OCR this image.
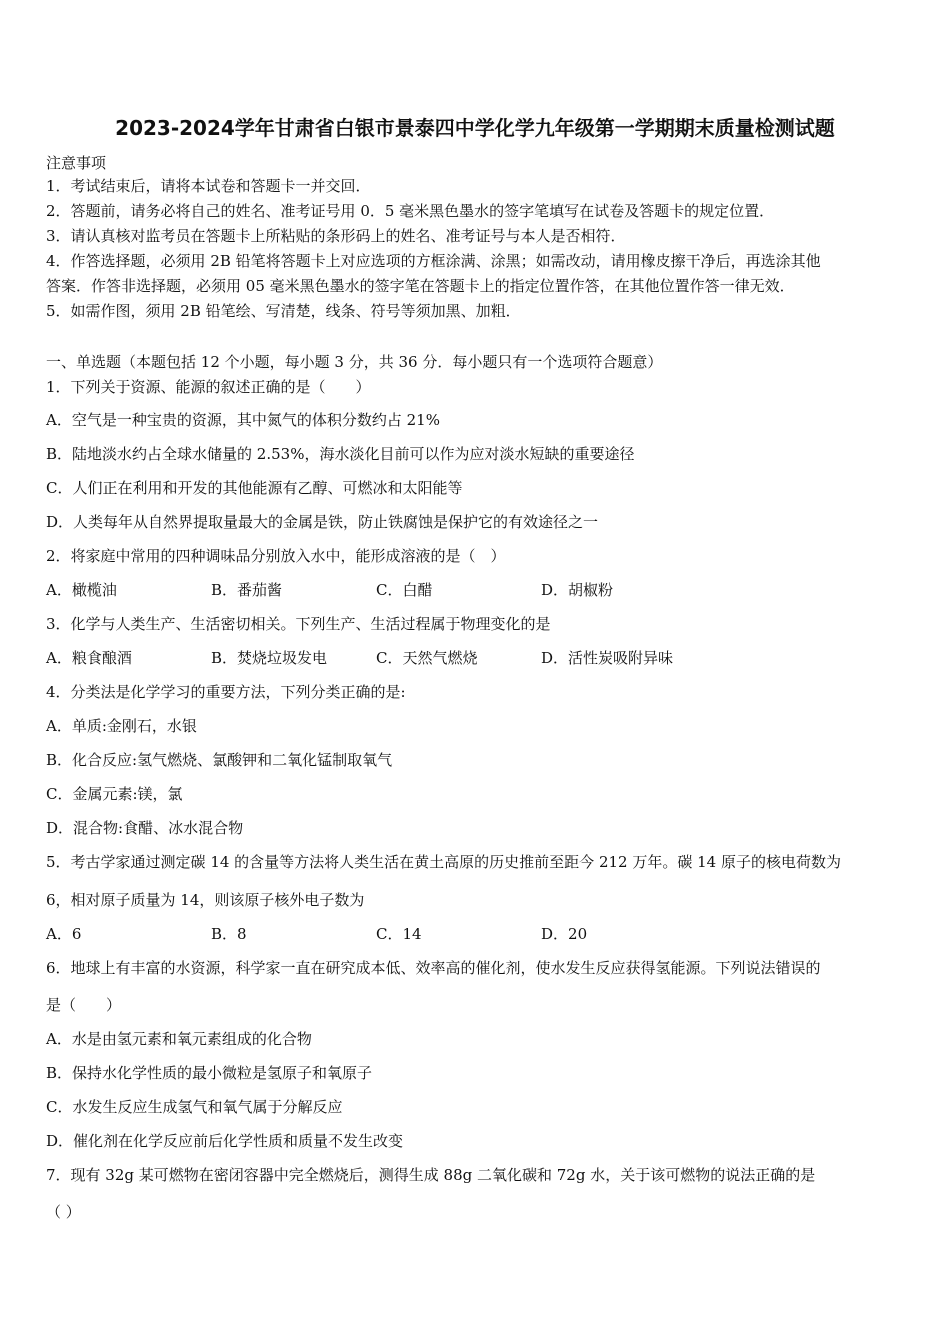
2023-2024学年甘肃省白银市景泰四中学化学九年级第一学期期末质量检测试题
注意事项
1．考试结束后，请将本试卷和答题卡一并交回．
2．答题前，请务必将自己的姓名、准考证号用 0．5 毫米黑色墨水的签字笔填写在试卷及答题卡的规定位置．
3．请认真核对监考员在答题卡上所粘贴的条形码上的姓名、准考证号与本人是否相符．
4．作答选择题，必须用 2B 铅笔将答题卡上对应选项的方框涂满、涂黑；如需改动，请用橡皮擦干净后，再选涂其他
答案．作答非选择题，必须用 05 毫米黑色墨水的签字笔在答题卡上的指定位置作答，在其他位置作答一律无效．
5．如需作图，须用 2B 铅笔绘、写清楚，线条、符号等须加黑、加粗．
一、单选题（本题包括 12 个小题，每小题 3 分，共 36 分．每小题只有一个选项符合题意）
1．下列关于资源、能源的叙述正确的是（　　）
A．空气是一种宝贵的资源，其中氮气的体积分数约占 21%
B．陆地淡水约占全球水储量的 2.53%，海水淡化目前可以作为应对淡水短缺的重要途径
C．人们正在利用和开发的其他能源有乙醇、可燃冰和太阳能等
D．人类每年从自然界提取量最大的金属是铁，防止铁腐蚀是保护它的有效途径之一
2．将家庭中常用的四种调味品分别放入水中，能形成溶液的是（　）
A．橄榄油	B．番茄酱	C．白醋	D．胡椒粉
3．化学与人类生产、生活密切相关。下列生产、生活过程属于物理变化的是
A．粮食酿酒	B．焚烧垃圾发电	C．天然气燃烧	D．活性炭吸附异味
4．分类法是化学学习的重要方法，下列分类正确的是:
A．单质:金刚石，水银
B．化合反应:氢气燃烧、氯酸钾和二氧化锰制取氧气
C．金属元素:镁，氯
D．混合物:食醋、冰水混合物
5．考古学家通过测定碳 14 的含量等方法将人类生活在黄土高原的历史推前至距今 212 万年。碳 14 原子的核电荷数为
6，相对原子质量为 14，则该原子核外电子数为
A．6	B．8	C．14	D．20
6．地球上有丰富的水资源，科学家一直在研究成本低、效率高的催化剂，使水发生反应获得氢能源。下列说法错误的
是（　　）
A．水是由氢元素和氧元素组成的化合物
B．保持水化学性质的最小微粒是氢原子和氧原子
C．水发生反应生成氢气和氧气属于分解反应
D．催化剂在化学反应前后化学性质和质量不发生改变
7．现有 32g 某可燃物在密闭容器中完全燃烧后，测得生成 88g 二氧化碳和 72g 水，关于该可燃物的说法正确的是
（ ）
